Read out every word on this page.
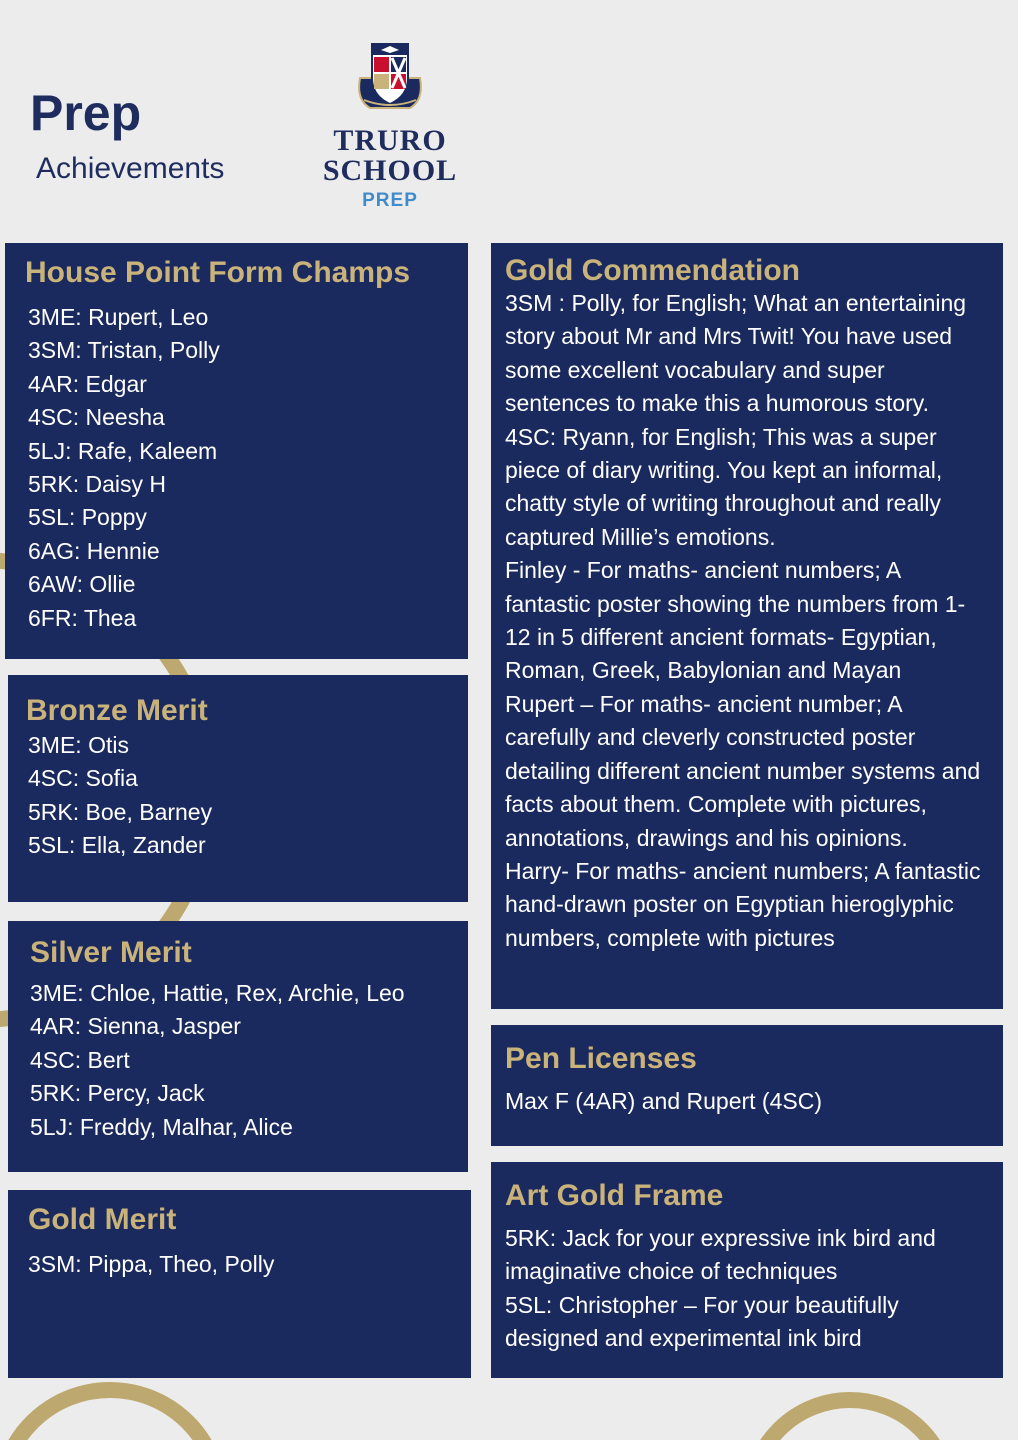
Prep
Achievements
TRURO
SCHOOL
PREP
House Point Form Champs
3ME: Rupert, Leo
3SM: Tristan, Polly
4AR: Edgar
4SC: Neesha
5LJ: Rafe, Kaleem
5RK: Daisy H
5SL: Poppy
6AG: Hennie
6AW: Ollie
6FR: Thea
Bronze Merit
3ME: Otis
4SC: Sofia
5RK: Boe, Barney
5SL: Ella, Zander
Silver Merit
3ME: Chloe, Hattie, Rex, Archie, Leo
4AR: Sienna, Jasper
4SC: Bert
5RK: Percy, Jack
5LJ: Freddy, Malhar, Alice
Gold Merit
3SM: Pippa, Theo, Polly
Gold Commendation
3SM : Polly, for English; What an entertaining story about Mr and Mrs Twit! You have used some excellent vocabulary and super sentences to make this a humorous story.
4SC: Ryann, for English; This was a super piece of diary writing. You kept an informal, chatty style of writing throughout and really captured Millie’s emotions.
Finley - For maths- ancient numbers; A fantastic poster showing the numbers from 1-12 in 5 different ancient formats- Egyptian, Roman, Greek, Babylonian and Mayan
Rupert – For maths- ancient number; A carefully and cleverly constructed poster detailing different ancient number systems and facts about them. Complete with pictures, annotations, drawings and his opinions.
Harry- For maths- ancient numbers; A fantastic hand-drawn poster on Egyptian hieroglyphic numbers, complete with pictures
Pen Licenses
Max F (4AR) and Rupert (4SC)
Art Gold Frame
5RK: Jack for your expressive ink bird and imaginative choice of techniques
5SL: Christopher – For your beautifully designed and experimental ink bird
